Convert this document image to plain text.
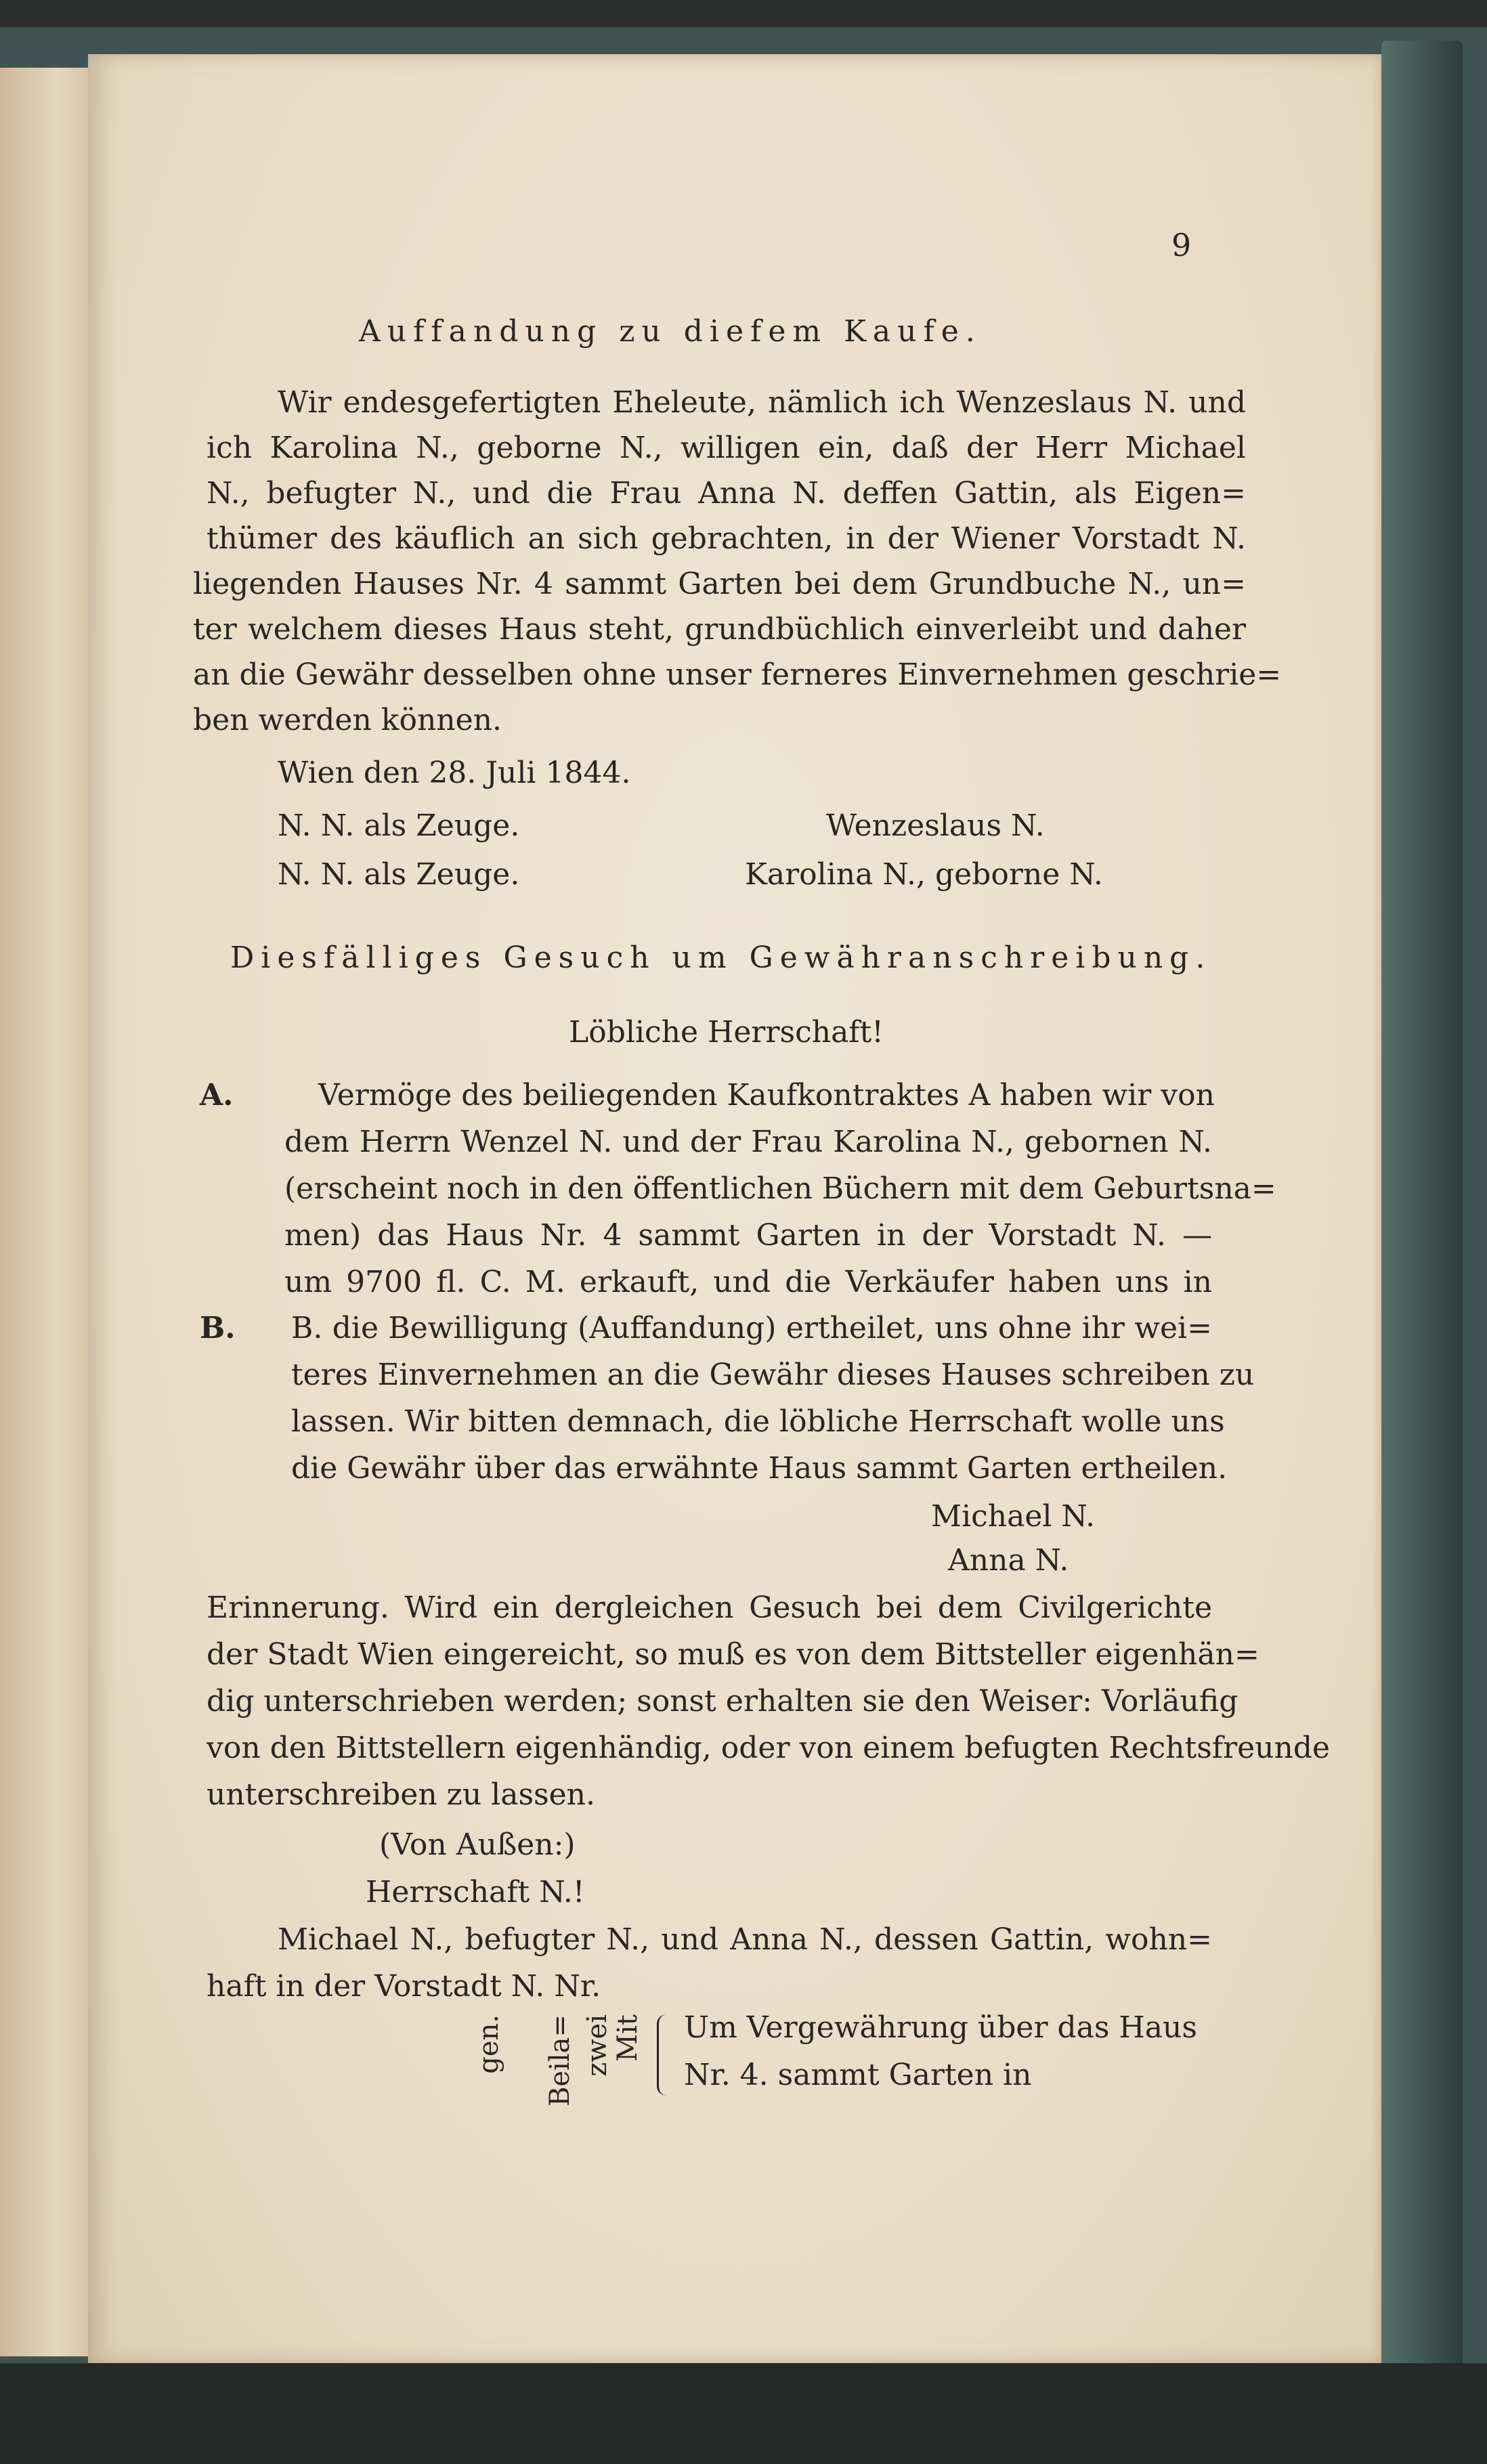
9
Auffandung zu diefem Kaufe.
Wir endesgefertigten Eheleute, nämlich ich Wenzeslaus N. und
ich Karolina N., geborne N., willigen ein, daß der Herr Michael
N., befugter N., und die Frau Anna N. deffen Gattin, als Eigen=
thümer des käuflich an sich gebrachten, in der Wiener Vorstadt N.
liegenden Hauses Nr. 4 sammt Garten bei dem Grundbuche N., un=
ter welchem dieses Haus steht, grundbüchlich einverleibt und daher
an die Gewähr desselben ohne unser ferneres Einvernehmen geschrie=
ben werden können.
Wien den 28. Juli 1844.
N. N. als Zeuge.
N. N. als Zeuge.
Wenzeslaus N.
Karolina N., geborne N.
Diesfälliges Gesuch um Gewähranschreibung.
Löbliche Herrschaft!
A.
B.
Vermöge des beiliegenden Kaufkontraktes A haben wir von
dem Herrn Wenzel N. und der Frau Karolina N., gebornen N.
(erscheint noch in den öffentlichen Büchern mit dem Geburtsna=
men) das Haus Nr. 4 sammt Garten in der Vorstadt N. —
um 9700 fl. C. M. erkauft, und die Verkäufer haben uns in
B. die Bewilligung (Auffandung) ertheilet, uns ohne ihr wei=
teres Einvernehmen an die Gewähr dieses Hauses schreiben zu
lassen. Wir bitten demnach, die löbliche Herrschaft wolle uns
die Gewähr über das erwähnte Haus sammt Garten ertheilen.
Michael N.
Anna N.
Erinnerung. Wird ein dergleichen Gesuch bei dem Civilgerichte
der Stadt Wien eingereicht, so muß es von dem Bittsteller eigenhän=
dig unterschrieben werden; sonst erhalten sie den Weiser: Vorläufig
von den Bittstellern eigenhändig, oder von einem befugten Rechtsfreunde
unterschreiben zu lassen.
(Von Außen:)
Herrschaft N.!
Michael N., befugter N., und Anna N., dessen Gattin, wohn=
haft in der Vorstadt N. Nr.
Mit
zwei
Beila=
gen.	Um Vergewährung über das Haus
Nr. 4. sammt Garten in
